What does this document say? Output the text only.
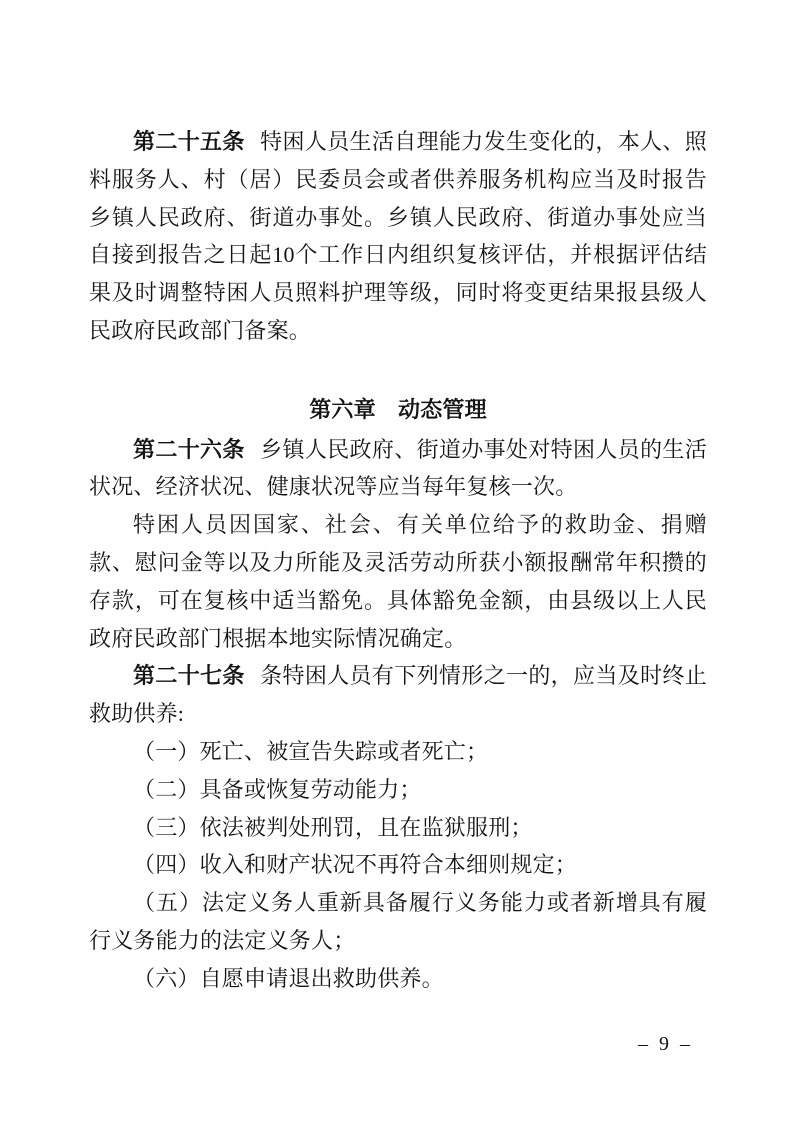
第二十五条 特困人员生活自理能力发生变化的，本人、照料服务人、村（居）民委员会或者供养服务机构应当及时报告乡镇人民政府、街道办事处。乡镇人民政府、街道办事处应当自接到报告之日起10个工作日内组织复核评估，并根据评估结果及时调整特困人员照料护理等级，同时将变更结果报县级人民政府民政部门备案。

第六章　动态管理

第二十六条 乡镇人民政府、街道办事处对特困人员的生活状况、经济状况、健康状况等应当每年复核一次。

特困人员因国家、社会、有关单位给予的救助金、捐赠款、慰问金等以及力所能及灵活劳动所获小额报酬常年积攒的存款，可在复核中适当豁免。具体豁免金额，由县级以上人民政府民政部门根据本地实际情况确定。

第二十七条 条特困人员有下列情形之一的，应当及时终止救助供养:

（一）死亡、被宣告失踪或者死亡；

（二）具备或恢复劳动能力；

（三）依法被判处刑罚，且在监狱服刑；

（四）收入和财产状况不再符合本细则规定；

（五）法定义务人重新具备履行义务能力或者新增具有履行义务能力的法定义务人；

（六）自愿申请退出救助供养。

– 9 –
